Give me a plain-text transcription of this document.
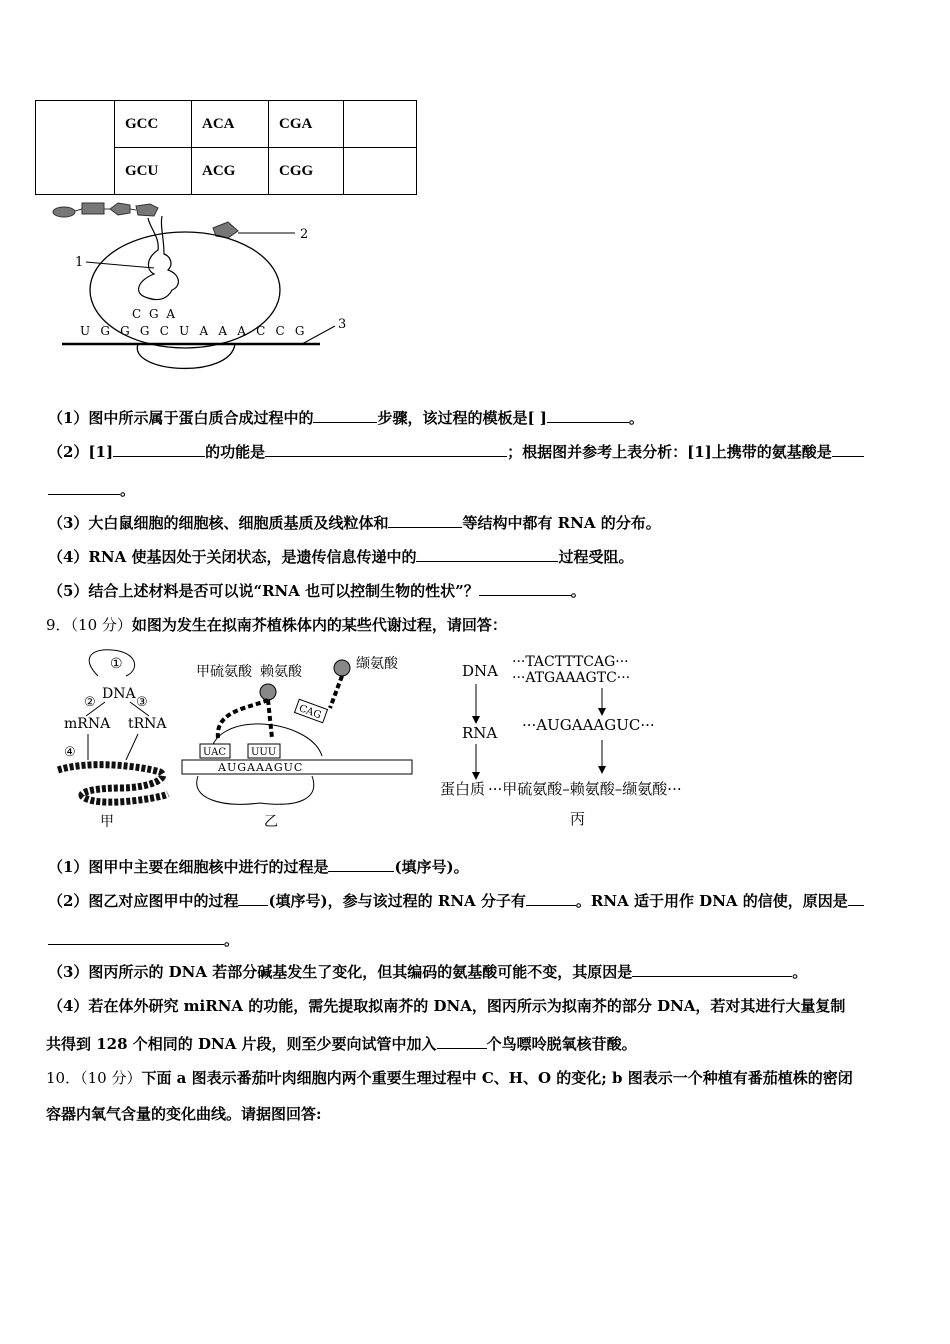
	GCC	ACA	CGA	
	GCU	ACG	CGG	
2
1
C G A
U G G G C U A A A C C G 3
（1）图中所示属于蛋白质合成过程中的	步骤，该过程的模板是[ ]	。
（2）[1]	的功能是	；根据图并参考上表分析：[1]上携带的氨基酸是
。
（3）大白鼠细胞的细胞核、细胞质基质及线粒体和	等结构中都有 RNA 的分布。
（4）RNA 使基因处于关闭状态，是遗传信息传递中的	过程受阻。
（5）结合上述材料是否可以说“RNA 也可以控制生物的性状”？	。
9．（10 分）如图为发生在拟南芥植株体内的某些代谢过程，请回答：
①
DNA
②	③
mRNA tRNA
④
甲
甲硫氨酸 赖氨酸	缬氨酸
AUGAAAGUC
UAC	UUU
CAG
乙
DNA ···TACTTTCAG···
···ATGAAAGTC···
RNA ···AUGAAAGUC···
蛋白质 ···甲硫氨酸–赖氨酸–缬氨酸···
丙
（1）图甲中主要在细胞核中进行的过程是	(填序号)。
（2）图乙对应图甲中的过程 (填序号)，参与该过程的 RNA 分子有	。RNA 适于用作 DNA 的信使，原因是
。
（3）图丙所示的 DNA 若部分碱基发生了变化，但其编码的氨基酸可能不变，其原因是	。
（4）若在体外研究 miRNA 的功能，需先提取拟南芥的 DNA，图丙所示为拟南芥的部分 DNA，若对其进行大量复制
共得到 128 个相同的 DNA 片段，则至少要向试管中加入	个鸟嘌呤脱氧核苷酸。
10．（10 分）下面 a 图表示番茄叶肉细胞内两个重要生理过程中 C、H、O 的变化; b 图表示一个种植有番茄植株的密闭
容器内氧气含量的变化曲线。请据图回答:
